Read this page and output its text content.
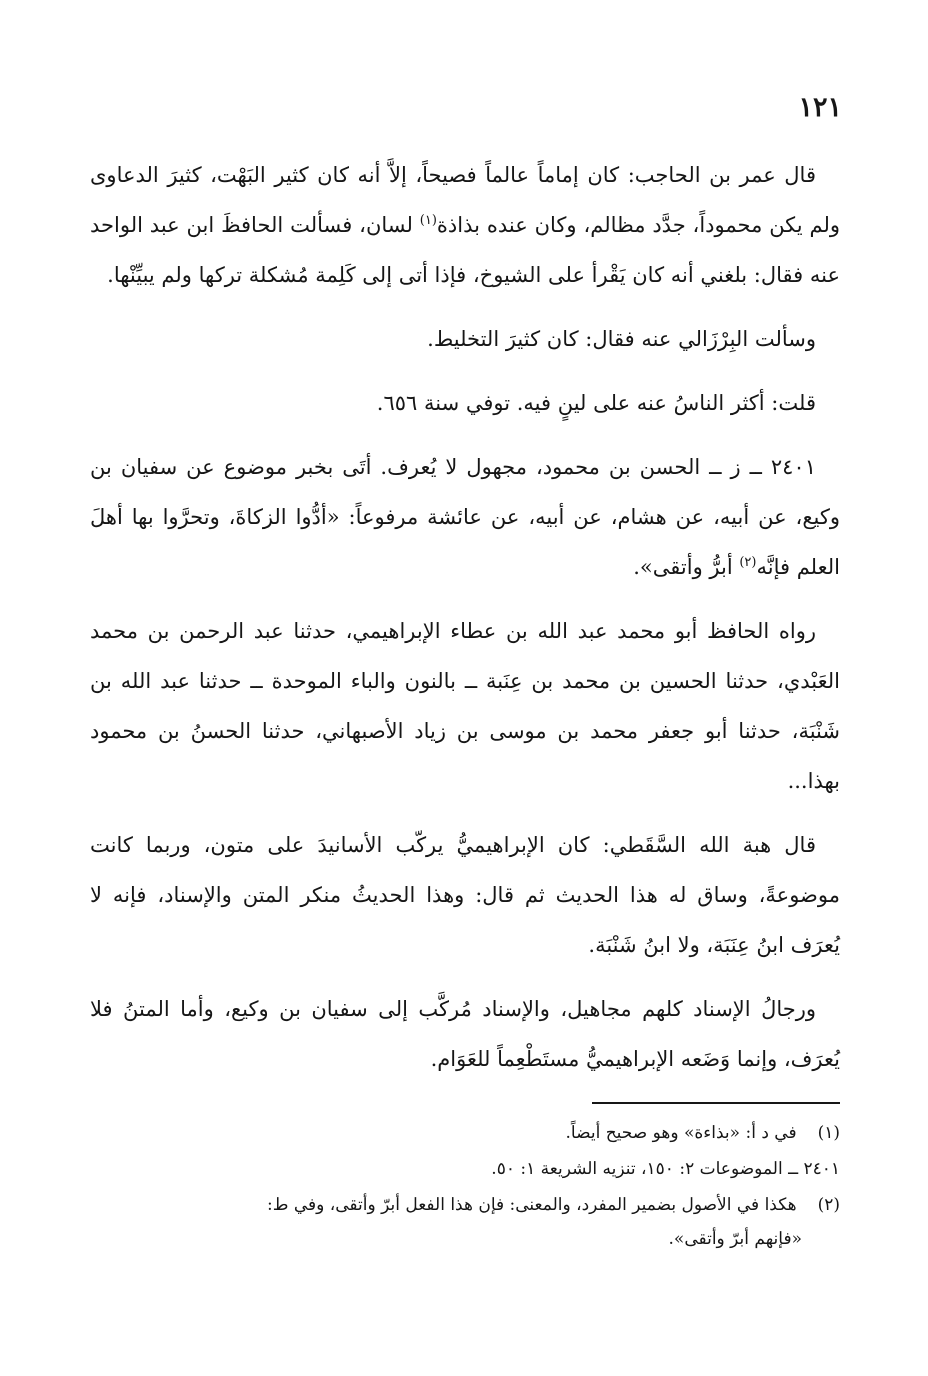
١٢١

قال عمر بن الحاجب: كان إماماً عالماً فصيحاً، إلاَّ أنه كان كثير البَهْت، كثيرَ الدعاوى ولم يكن محموداً، جدَّد مظالم، وكان عنده بذاذة$^{(١)}$ لسان، فسألت الحافظَ ابن عبد الواحد عنه فقال: بلغني أنه كان يَقْرأ على الشيوخ، فإذا أتى إلى كَلِمة مُشكلة تركها ولم يبيِّنْها.

وسألت البِرْزَالي عنه فقال: كان كثيرَ التخليط.

قلت: أكثر الناسُ عنه على لينٍ فيه. توفي سنة ٦٥٦.

٢٤٠١ ــ ز ــ الحسن بن محمود، مجهول لا يُعرف. أتَى بخبر موضوع عن سفيان بن وكيع، عن أبيه، عن هشام، عن أبيه، عن عائشة مرفوعاً: «أدُّوا الزكاةَ، وتحرَّوا بها أهلَ العلم فإنَّه$^{(٢)}$ أبرُّ وأتقى».

رواه الحافظ أبو محمد عبد الله بن عطاء الإبراهيمي، حدثنا عبد الرحمن بن محمد العَبْدي، حدثنا الحسين بن محمد بن عِنَبة ــ بالنون والباء الموحدة ــ حدثنا عبد الله بن شَنْبَة، حدثنا أبو جعفر محمد بن موسى بن زياد الأصبهاني، حدثنا الحسنُ بن محمود بهذا...

قال هبة الله السَّقَطي: كان الإبراهيميُّ يركّب الأسانيدَ على متون، وربما كانت موضوعةً، وساق له هذا الحديث ثم قال: وهذا الحديثُ منكر المتن والإسناد، فإنه لا يُعرَف ابنُ عِنَبَة، ولا ابنُ شَنْبَة.

ورجالُ الإسناد كلهم مجاهيل، والإسناد مُركَّب إلى سفيان بن وكيع، وأما المتنُ فلا يُعرَف، وإنما وَضَعه الإبراهيميُّ مستَطْعِماً للعَوَام.

(١) في د أ: «بذاءة» وهو صحيح أيضاً.

٢٤٠١ ــ الموضوعات ٢: ١٥٠، تنزيه الشريعة ١: ٥٠.

(٢) هكذا في الأصول بضمير المفرد، والمعنى: فإن هذا الفعل أبرّ وأتقى، وفي ط:
«فإنهم أبرّ وأتقى».
